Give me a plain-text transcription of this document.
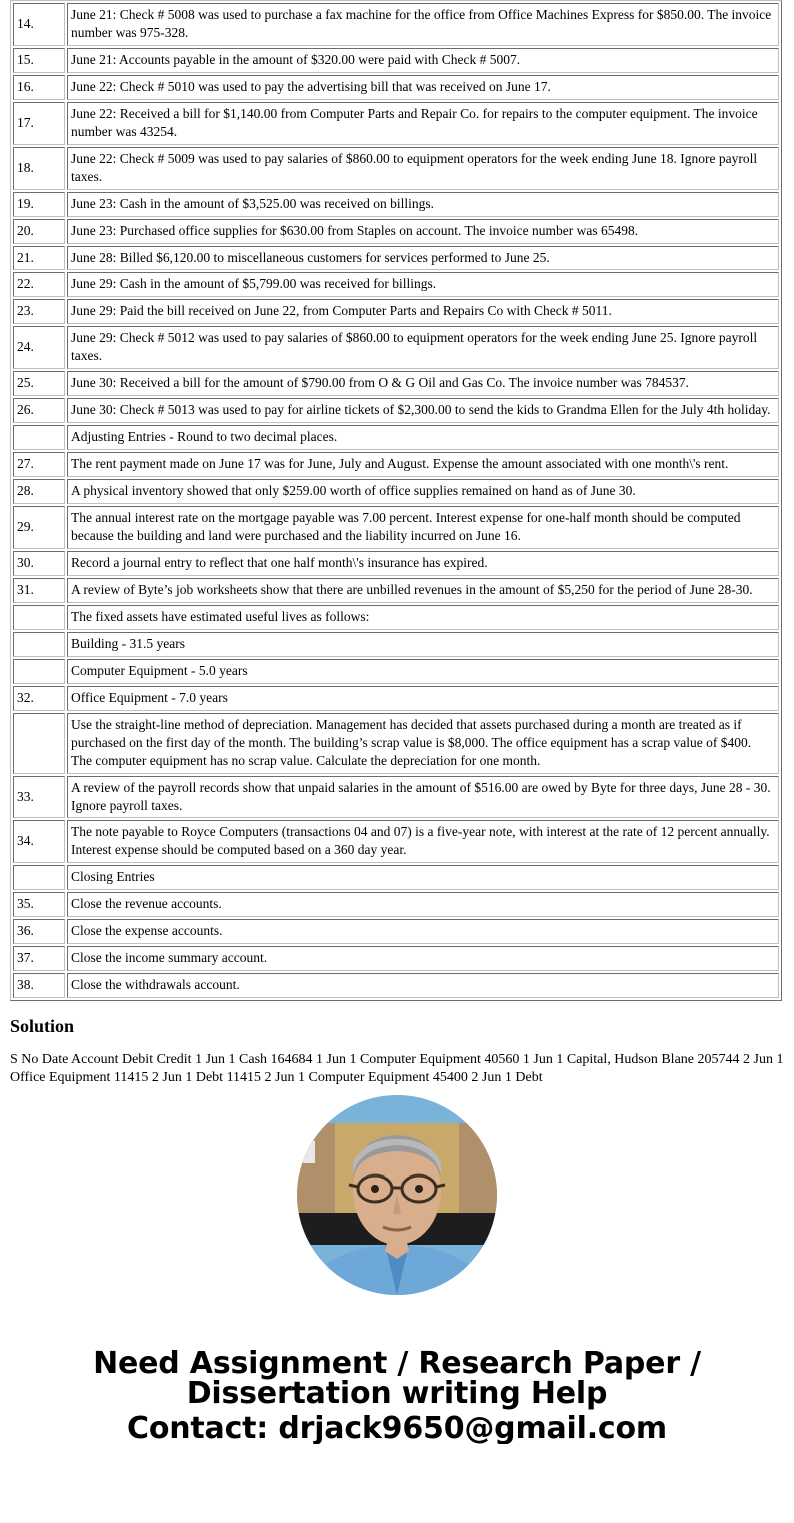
14.	June 21: Check # 5008 was used to purchase a fax machine for the office from Office Machines Express for $850.00. The invoice number was 975-328.
15.	June 21: Accounts payable in the amount of $320.00 were paid with Check # 5007.
16.	June 22: Check # 5010 was used to pay the advertising bill that was received on June 17.
17.	June 22: Received a bill for $1,140.00 from Computer Parts and Repair Co. for repairs to the computer equipment. The invoice number was 43254.
18.	June 22: Check # 5009 was used to pay salaries of $860.00 to equipment operators for the week ending June 18. Ignore payroll taxes.
19.	June 23: Cash in the amount of $3,525.00 was received on billings.
20.	June 23: Purchased office supplies for $630.00 from Staples on account. The invoice number was 65498.
21.	June 28: Billed $6,120.00 to miscellaneous customers for services performed to June 25.
22.	June 29: Cash in the amount of $5,799.00 was received for billings.
23.	June 29: Paid the bill received on June 22, from Computer Parts and Repairs Co with Check # 5011.
24.	June 29: Check # 5012 was used to pay salaries of $860.00 to equipment operators for the week ending June 25. Ignore payroll taxes.
25.	June 30: Received a bill for the amount of $790.00 from O & G Oil and Gas Co. The invoice number was 784537.
26.	June 30: Check # 5013 was used to pay for airline tickets of $2,300.00 to send the kids to Grandma Ellen for the July 4th holiday.
	Adjusting Entries - Round to two decimal places.
27.	The rent payment made on June 17 was for June, July and August. Expense the amount associated with one month\'s rent.
28.	A physical inventory showed that only $259.00 worth of office supplies remained on hand as of June 30.
29.	The annual interest rate on the mortgage payable was 7.00 percent. Interest expense for one-half month should be computed because the building and land were purchased and the liability incurred on June 16.
30.	Record a journal entry to reflect that one half month\'s insurance has expired.
31.	A review of Byte’s job worksheets show that there are unbilled revenues in the amount of $5,250 for the period of June 28-30.
	The fixed assets have estimated useful lives as follows:
	Building - 31.5 years
	Computer Equipment - 5.0 years
32.	Office Equipment - 7.0 years
	Use the straight-line method of depreciation. Management has decided that assets purchased during a month are treated as if purchased on the first day of the month. The building’s scrap value is $8,000. The office equipment has a scrap value of $400. The computer equipment has no scrap value. Calculate the depreciation for one month.
33.	A review of the payroll records show that unpaid salaries in the amount of $516.00 are owed by Byte for three days, June 28 - 30. Ignore payroll taxes.
34.	The note payable to Royce Computers (transactions 04 and 07) is a five-year note, with interest at the rate of 12 percent annually. Interest expense should be computed based on a 360 day year.
	Closing Entries
35.	Close the revenue accounts.
36.	Close the expense accounts.
37.	Close the income summary account.
38.	Close the withdrawals account.
Solution

S No Date Account Debit Credit 1 Jun 1 Cash 164684 1 Jun 1 Computer Equipment 40560 1 Jun 1 Capital, Hudson Blane 205744 2 Jun 1 Office Equipment 11415 2 Jun 1 Debt 11415 2 Jun 1 Computer Equipment 45400 2 Jun 1 Debt

Need Assignment / Research Paper / Dissertation writing Help
Contact: drjack9650@gmail.com
